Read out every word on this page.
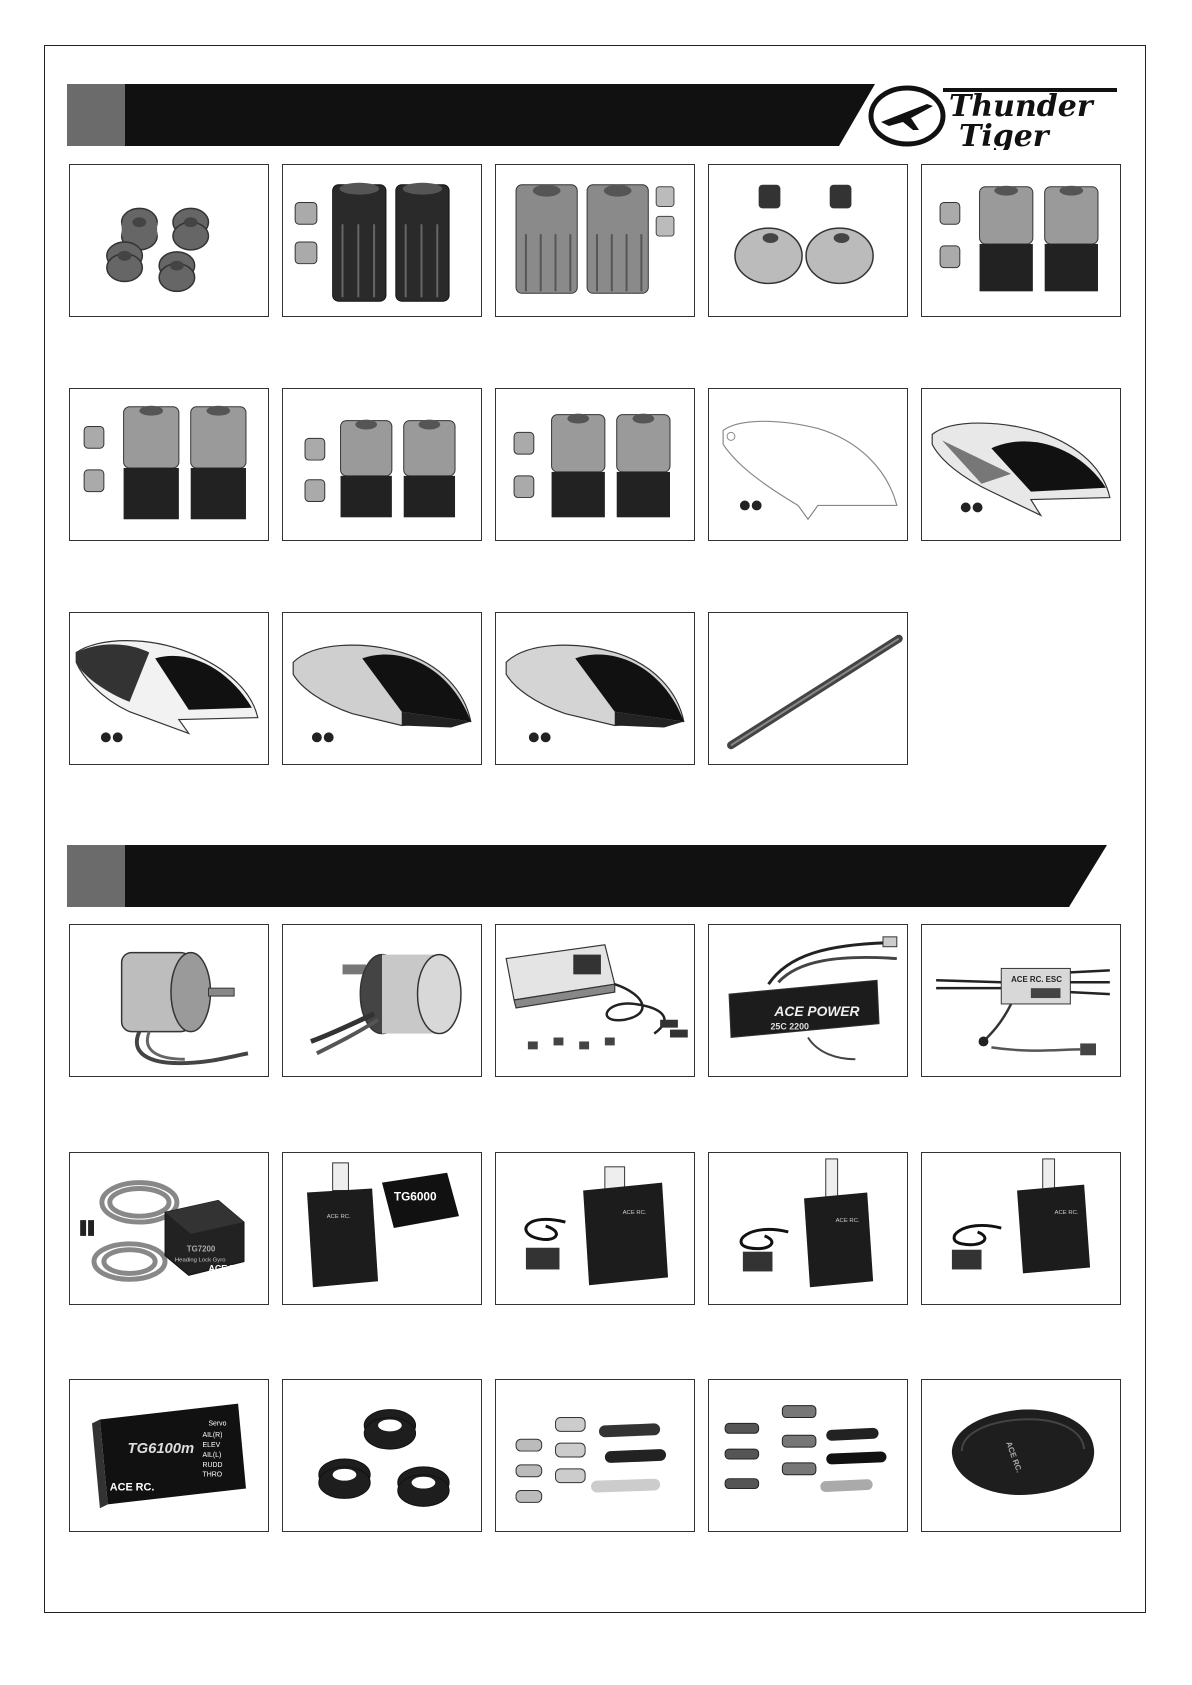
Thunder
Tiger
ACE POWER
25C 2200
ACE RC. ESC
TG7200
Heading Lock Gyro
ACE RC.
ACE RC.
TG6000
ACE RC.
ACE RC.
ACE RC.
TG6100m
ACE RC.
Servo
AIL(R)
ELEV
AIL(L)
RUDD
THRO
ACE RC.
